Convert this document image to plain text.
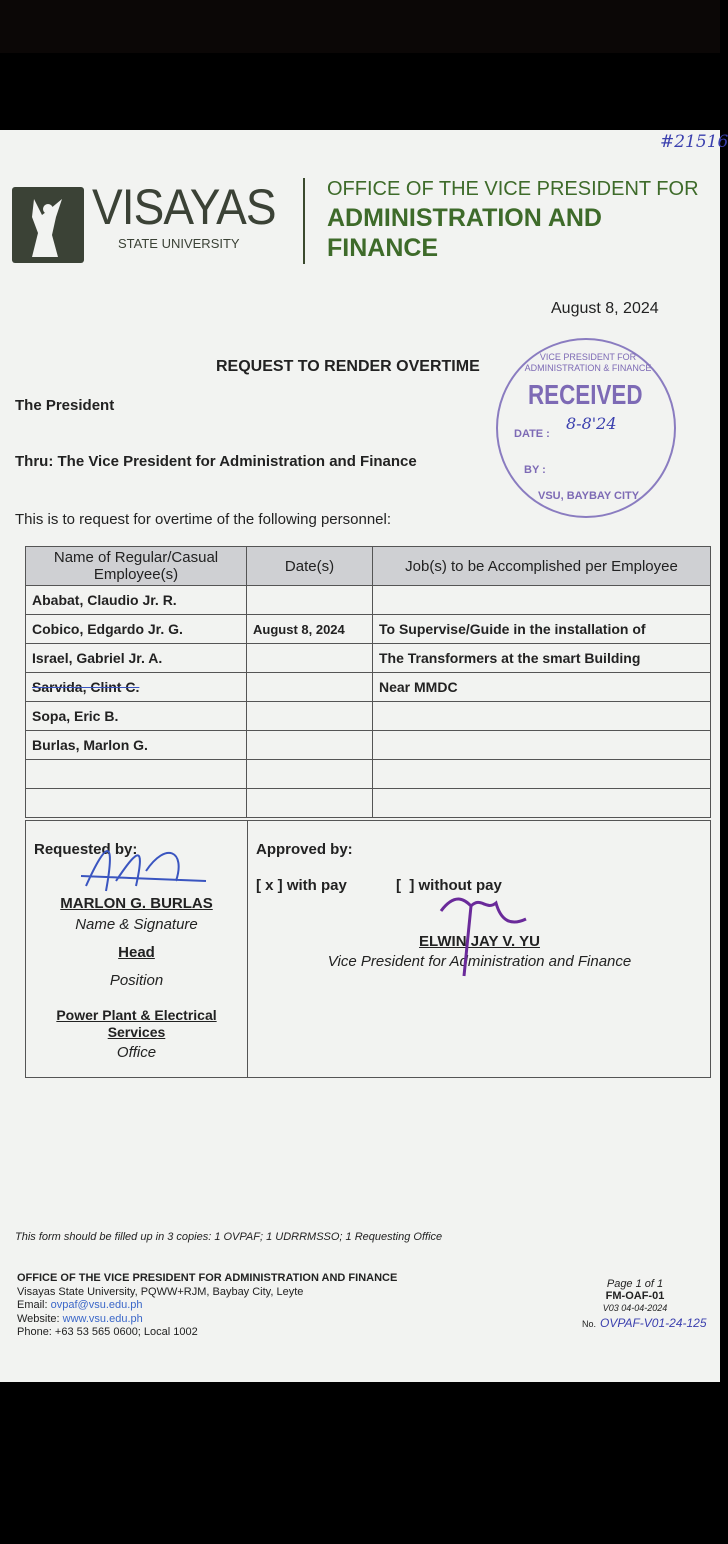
#21516
VISAYAS
STATE UNIVERSITY
OFFICE OF THE VICE PRESIDENT FOR
ADMINISTRATION AND
FINANCE
August 8, 2024
REQUEST TO RENDER OVERTIME
The President
Thru: The Vice President for Administration and Finance
This is to request for overtime of the following personnel:
VICE PRESIDENT FOR ADMINISTRATION & FINANCE
RECEIVED
DATE :
8-8'24
BY :
VSU, BAYBAY CITY
Name of Regular/Casual Employee(s)	Date(s)	Job(s) to be Accomplished per Employee
Ababat, Claudio Jr. R.		
Cobico, Edgardo Jr. G.	August 8, 2024	To Supervise/Guide in the installation of
Israel, Gabriel Jr. A.		The Transformers at the smart Building
Sarvida, Clint C.		Near MMDC
Sopa, Eric B.		
Burlas, Marlon G.		

Requested by:
MARLON G. BURLAS
Name & Signature
Head
Position
Power Plant & Electrical Services
Office
Approved by:
[ x ] with pay	[  ] without pay
ELWIN JAY V. YU
Vice President for Administration and Finance
This form should be filled up in 3 copies: 1 OVPAF; 1 UDRRMSSO; 1 Requesting Office
OFFICE OF THE VICE PRESIDENT FOR ADMINISTRATION AND FINANCE
Visayas State University, PQWW+RJM, Baybay City, Leyte
Email: ovpaf@vsu.edu.ph
Website: www.vsu.edu.ph
Phone: +63 53 565 0600; Local 1002
Page 1 of 1
FM-OAF-01
V03 04-04-2024
No. OVPAF-V01-24-125
